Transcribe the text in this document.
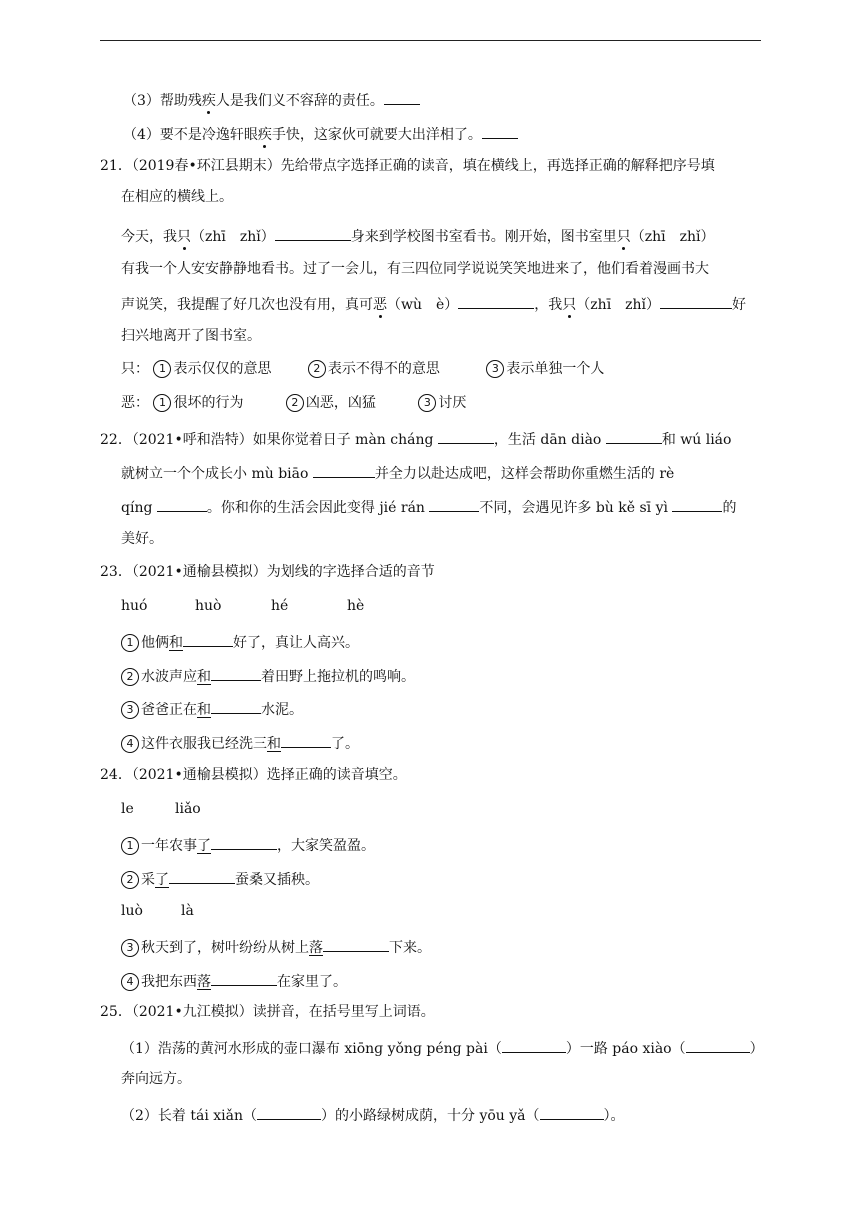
（3）帮助残疾人是我们义不容辞的责任。
（4）要不是冷逸轩眼疾手快，这家伙可就要大出洋相了。
21．（2019春•环江县期末）先给带点字选择正确的读音，填在横线上，再选择正确的解释把序号填
在相应的横线上。
今天，我只（zhī　zhǐ）	身来到学校图书室看书。刚开始，图书室里只（zhī　zhǐ）
有我一个人安安静静地看书。过了一会儿，有三四位同学说说笑笑地进来了，他们看着漫画书大
声说笑，我提醒了好几次也没有用，真可恶（wù　è）	，我只（zhī　zhǐ）	好
扫兴地离开了图书室。
只： 1 表示仅仅的意思	2 表示不得不的意思	3 表示单独一个人
恶： 1 很坏的行为	2 凶恶，凶猛	3 讨厌
22．（2021•呼和浩特）如果你觉着日子 màn cháng	，生活 dān diào	和 wú liáo
就树立一个个成长小 mù biāo	并全力以赴达成吧，这样会帮助你重燃生活的 rè
qíng	。你和你的生活会因此变得 jié rán	不同，会遇见许多 bù kě sī yì	的
美好。
23．（2021•通榆县模拟）为划线的字选择合适的音节
huó	huò	hé	hè
1 他俩和	好了，真让人高兴。
2 水波声应和	着田野上拖拉机的鸣响。
3 爸爸正在和	水泥。
4 这件衣服我已经洗三和	了。
24．（2021•通榆县模拟）选择正确的读音填空。
le	liǎo
1 一年农事了	，大家笑盈盈。
2 采了	蚕桑又插秧。
luò	là
3 秋天到了，树叶纷纷从树上落	下来。
4 我把东西落	在家里了。
25．（2021•九江模拟）读拼音，在括号里写上词语。
（1）浩荡的黄河水形成的壶口瀑布 xiōnɡ yǒnɡ pénɡ pài（	）一路 páo xiào（	）
奔向远方。
（2）长着 tái xiǎn（	）的小路绿树成荫，十分 yōu yǎ（	）。
